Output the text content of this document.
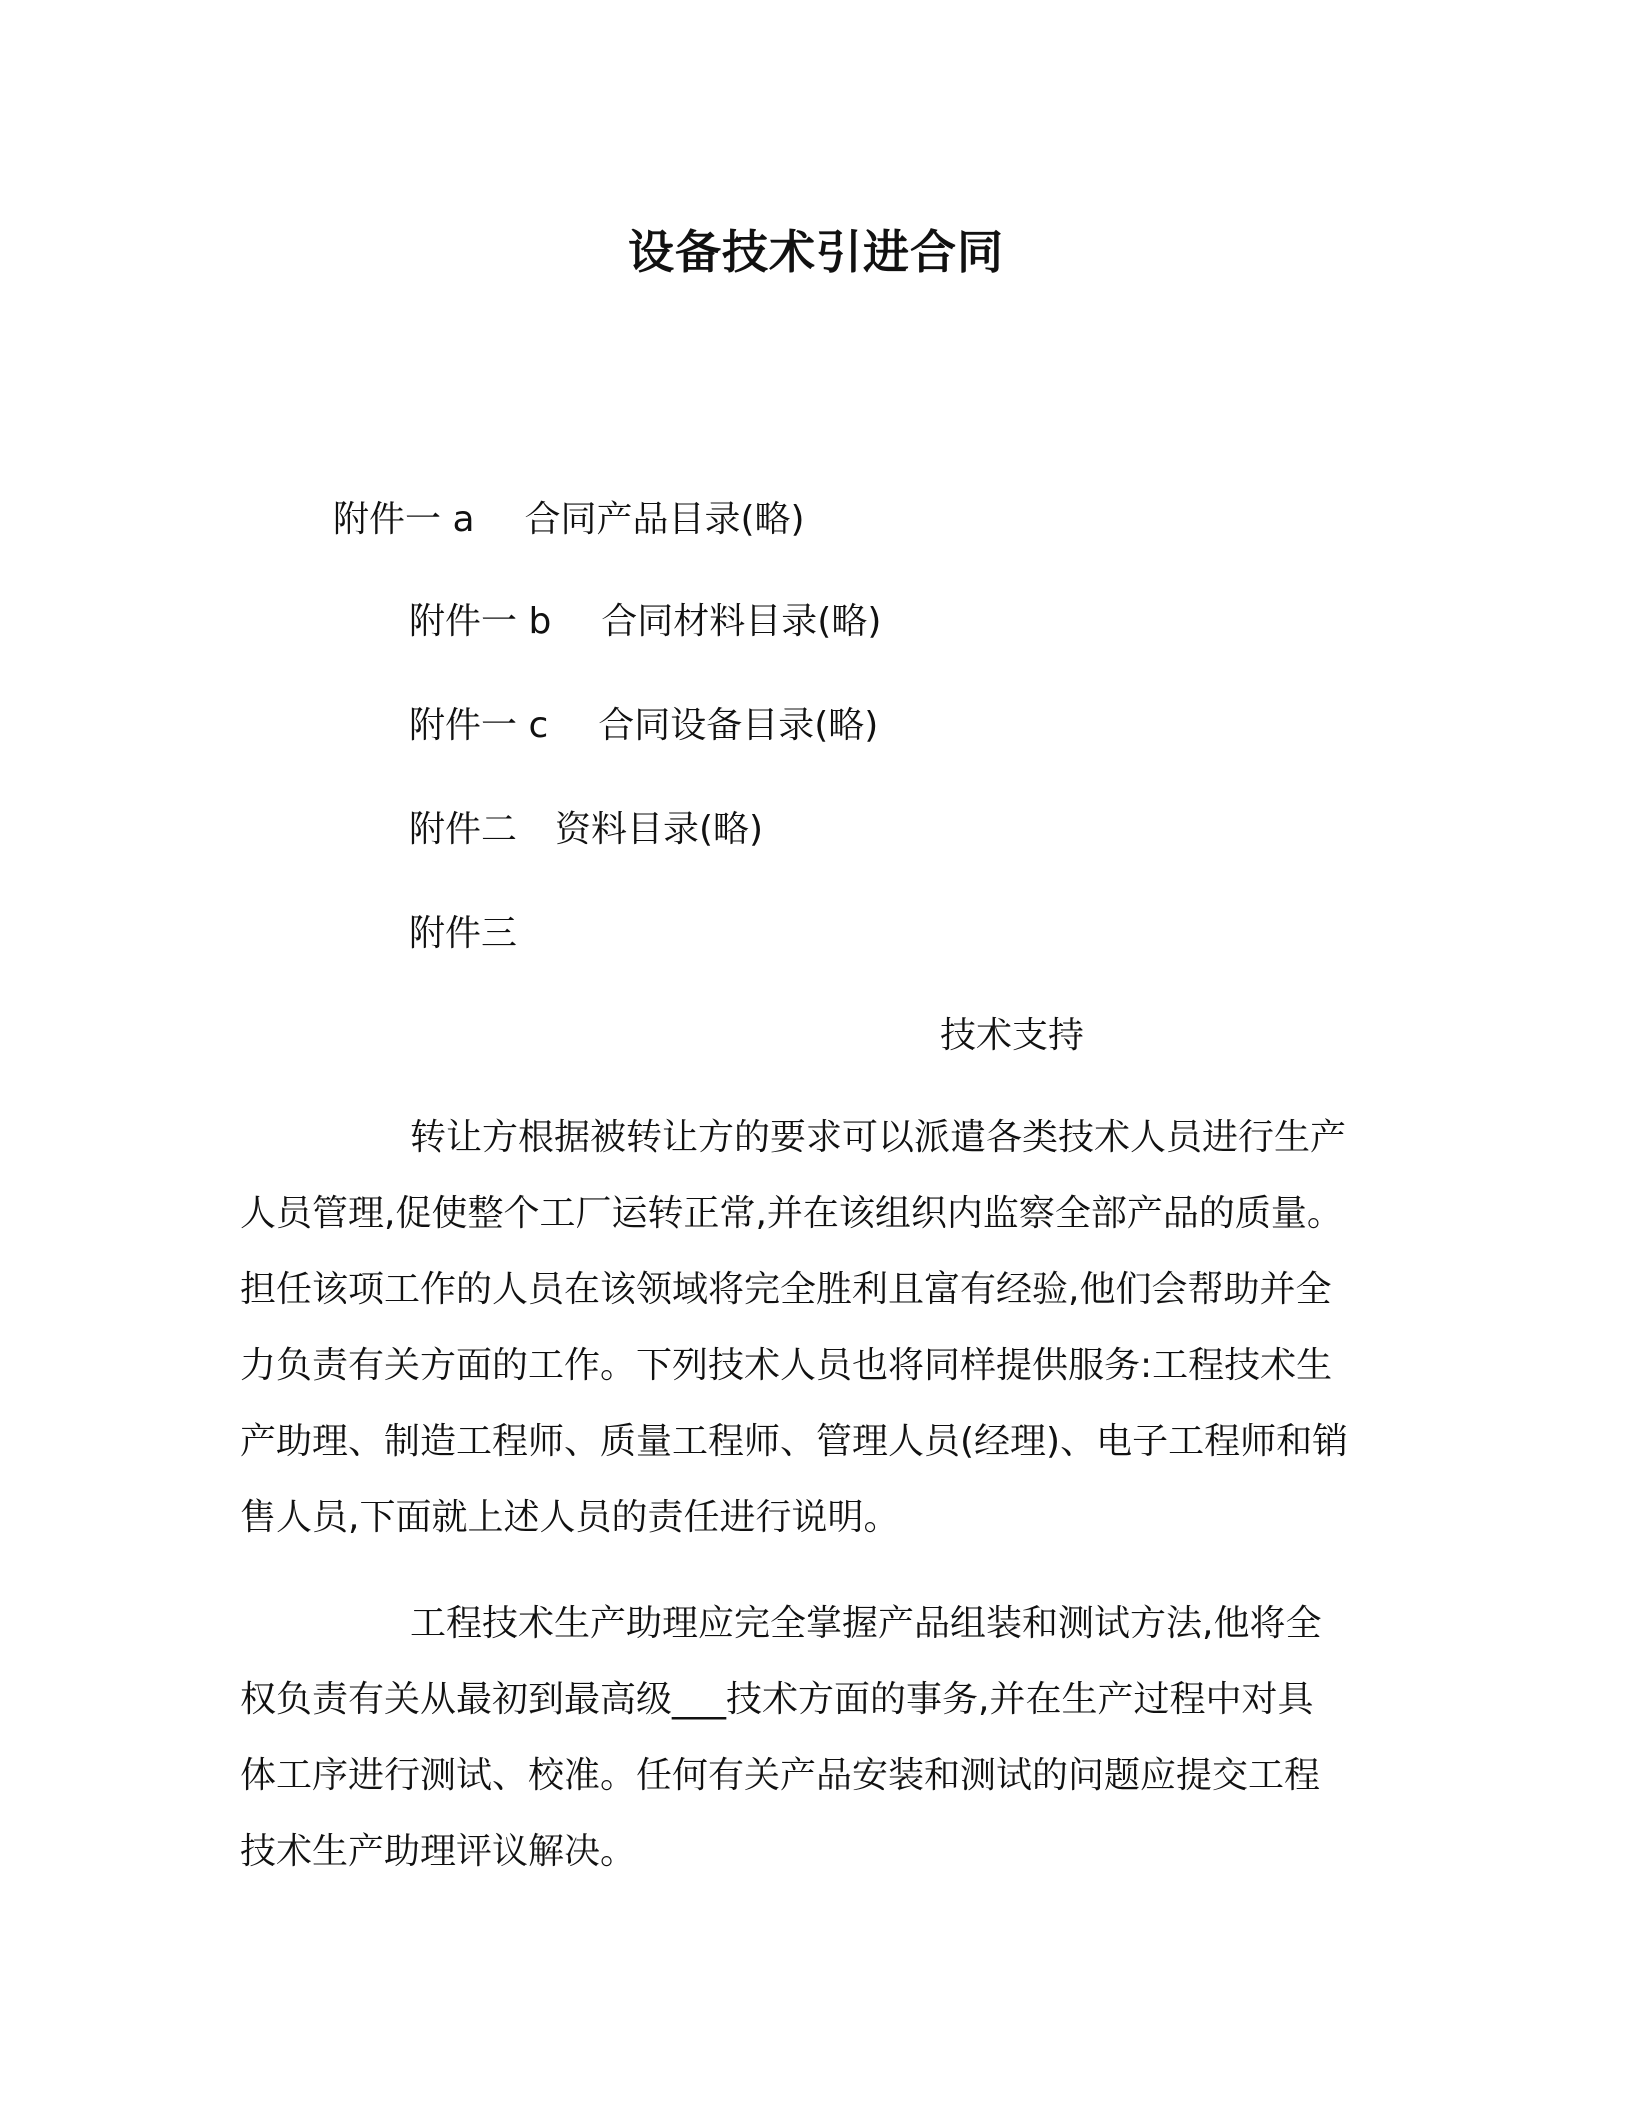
设备技术引进合同
附件一 a 合同产品目录(略)
附件一 b 合同材料目录(略)
附件一 c 合同设备目录(略)
附件二 资料目录(略)
附件三
技术支持
转让方根据被转让方的要求可以派遣各类技术人员进行生产
人员管理,促使整个工厂运转正常,并在该组织内监察全部产品的质量。
担任该项工作的人员在该领域将完全胜利且富有经验,他们会帮助并全
力负责有关方面的工作。下列技术人员也将同样提供服务:工程技术生
产助理、制造工程师、质量工程师、管理人员(经理)、电子工程师和销
售人员,下面就上述人员的责任进行说明。
工程技术生产助理应完全掌握产品组装和测试方法,他将全
权负责有关从最初到最高级___技术方面的事务,并在生产过程中对具
体工序进行测试、校准。任何有关产品安装和测试的问题应提交工程
技术生产助理评议解决。
